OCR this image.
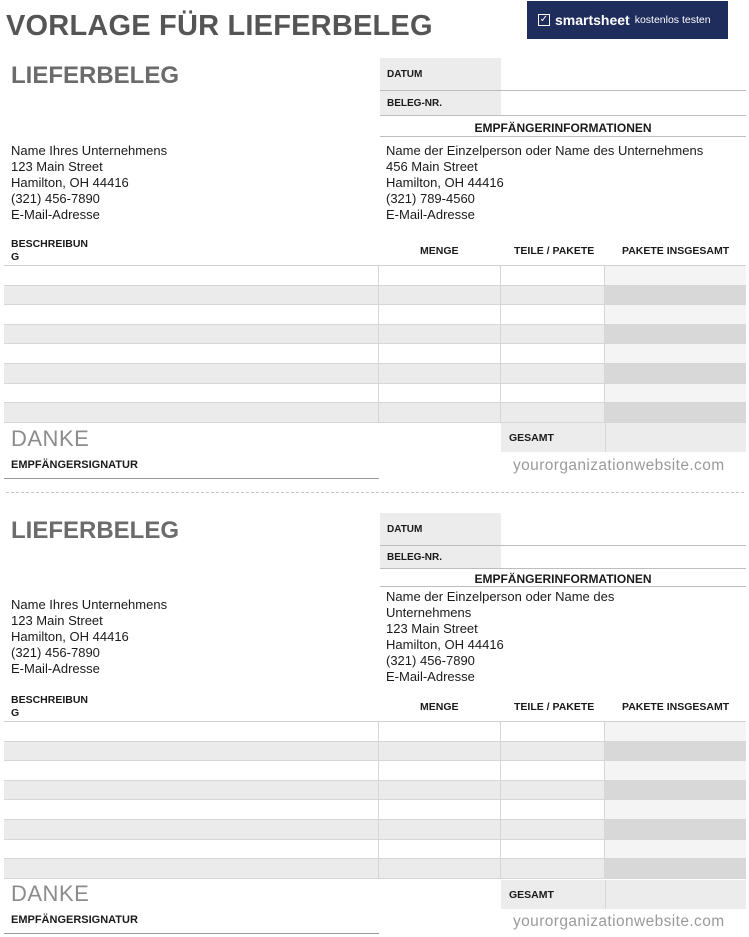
VORLAGE FÜR LIEFERBELEG	✓ smartsheet kostenlos testen
LIEFERBELEG	DATUM
BELEG-NR.
EMPFÄNGERINFORMATIONEN
Name Ihres Unternehmens
123 Main Street
Hamilton, OH 44416
(321) 456-7890
E-Mail-Adresse
Name der Einzelperson oder Name des Unternehmens
456 Main Street
Hamilton, OH 44416
(321) 789-4560
E-Mail-Adresse
BESCHREIBUN
G	MENGE	TEILE / PAKETE	PAKETE INSGESAMT
DANKE
EMPFÄNGERSIGNATUR
GESAMT
yourorganizationwebsite.com
LIEFERBELEG	DATUM
BELEG-NR.
EMPFÄNGERINFORMATIONEN
Name Ihres Unternehmens
123 Main Street
Hamilton, OH 44416
(321) 456-7890
E-Mail-Adresse
Name der Einzelperson oder Name des
Unternehmens
123 Main Street
Hamilton, OH 44416
(321) 456-7890
E-Mail-Adresse
BESCHREIBUN
G	MENGE	TEILE / PAKETE	PAKETE INSGESAMT
DANKE
EMPFÄNGERSIGNATUR
GESAMT
yourorganizationwebsite.com
